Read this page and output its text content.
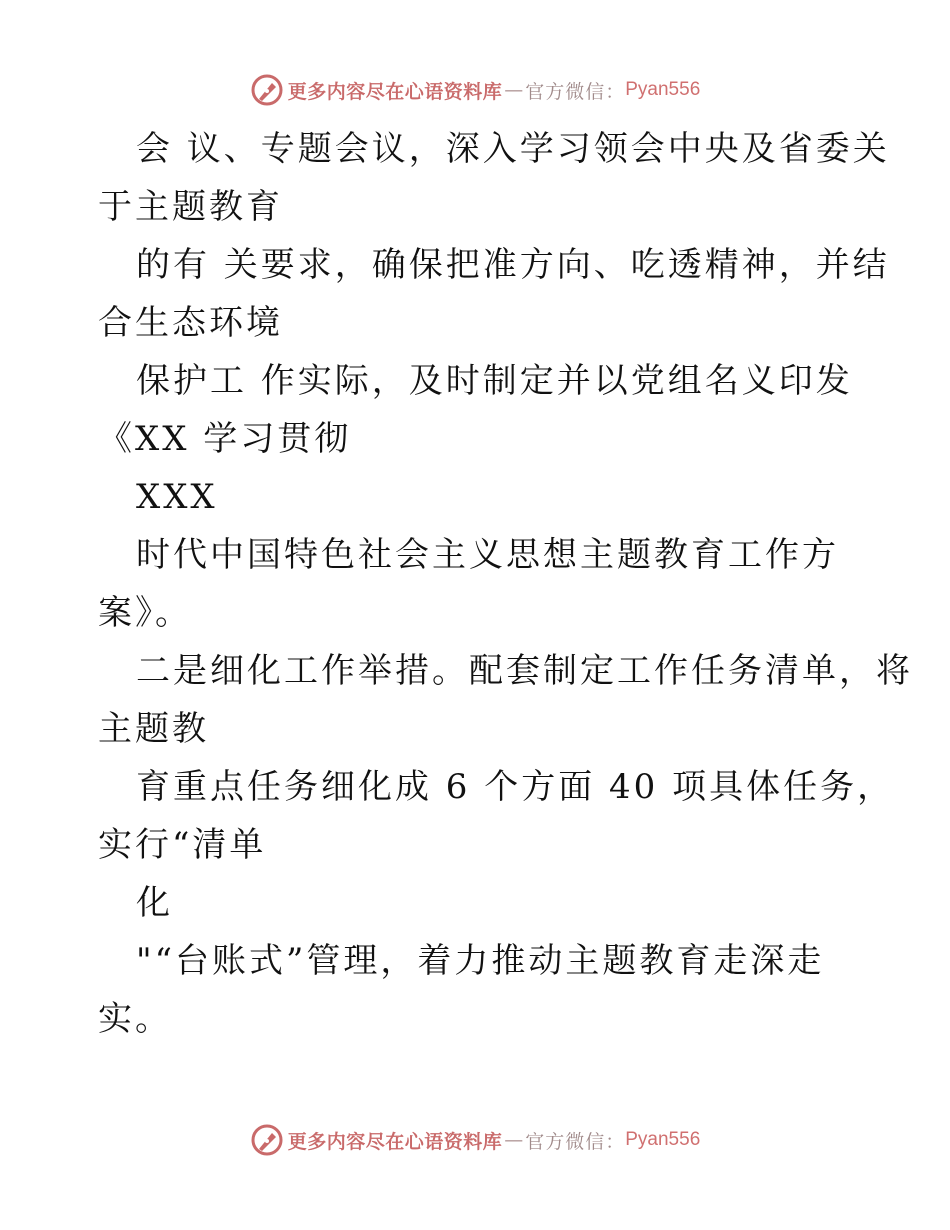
更多内容尽在心语资料库 — 官方微信： Pyan556
会 议、专题会议，深入学习领会中央及省委关
于主题教育
的有 关要求，确保把准方向、吃透精神，并结
合生态环境
保护工 作实际，及时制定并以党组名义印发
《XX 学习贯彻
XXX
时代中国特色社会主义思想主题教育工作方
案》。
二是细化工作举措。配套制定工作任务清单，将
主题教
育重点任务细化成 6 个方面 40 项具体任务，
实行“清单
化
"“台账式”管理，着力推动主题教育走深走
实。
更多内容尽在心语资料库 — 官方微信： Pyan556
